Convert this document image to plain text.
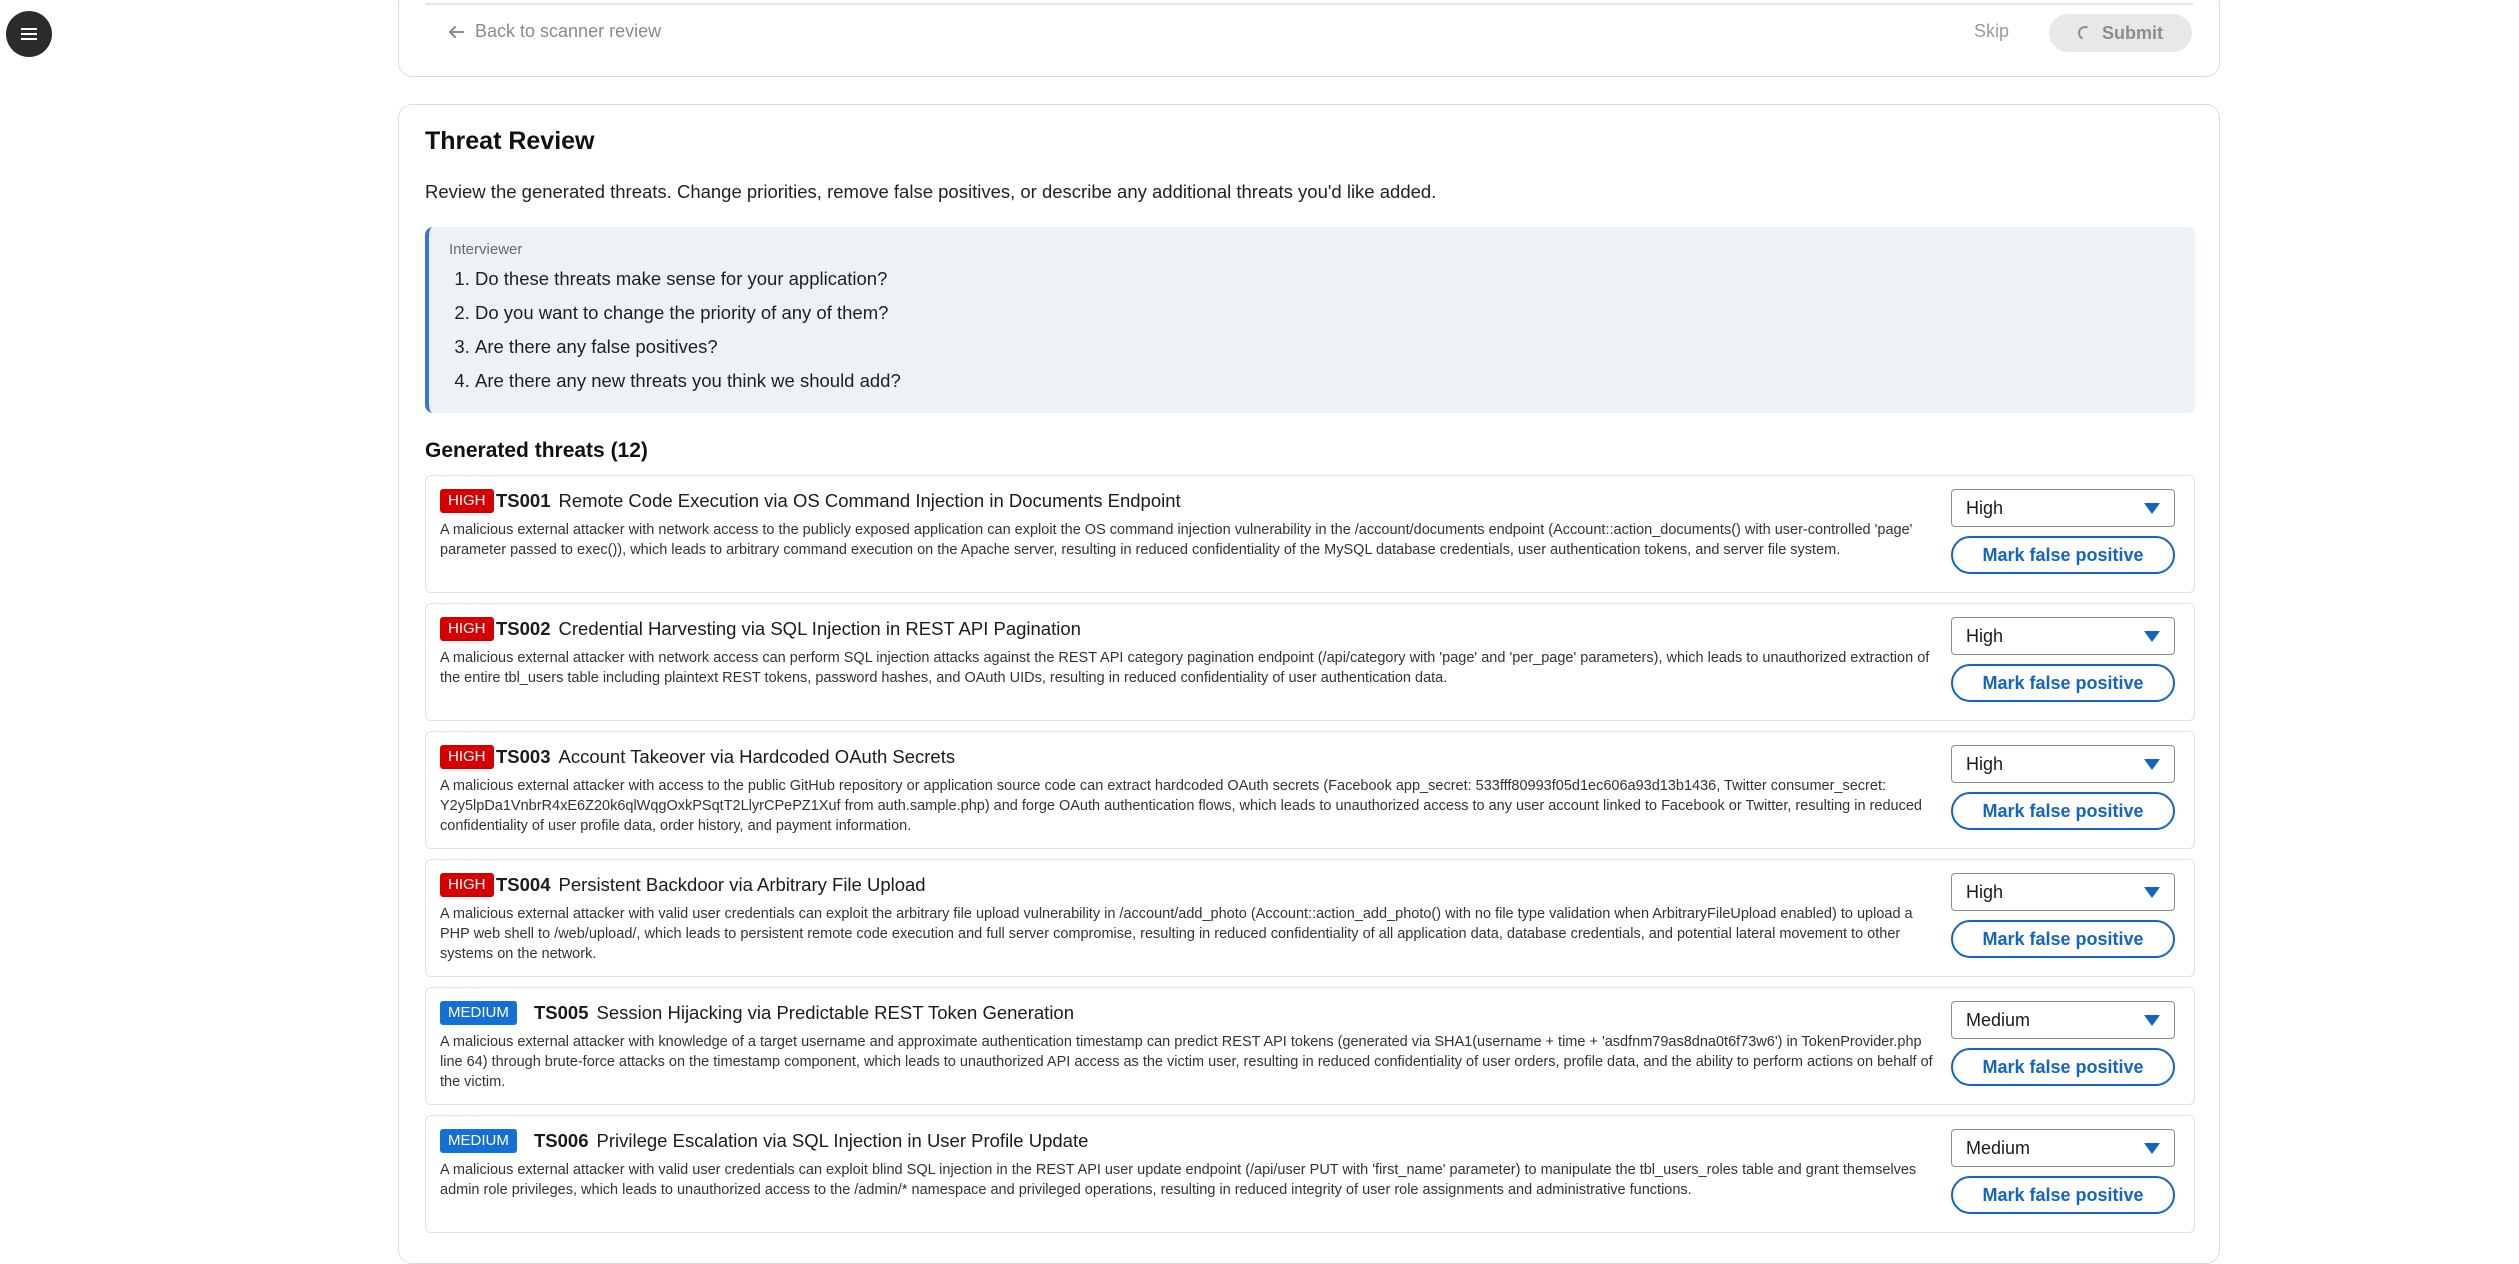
Back to scanner review	Skip	Submit
Threat Review
Review the generated threats. Change priorities, remove false positives, or describe any additional threats you'd like added.
Interviewer
1. Do these threats make sense for your application?
2. Do you want to change the priority of any of them?
3. Are there any false positives?
4. Are there any new threats you think we should add?
Generated threats (12)
HIGH TS001 Remote Code Execution via OS Command Injection in Documents Endpoint
A malicious external attacker with network access to the publicly exposed application can exploit the OS command injection vulnerability in the /account/documents endpoint (Account::action_documents() with user-controlled 'page' parameter passed to exec()), which leads to arbitrary command execution on the Apache server, resulting in reduced confidentiality of the MySQL database credentials, user authentication tokens, and server file system.
High
Mark false positive
HIGH TS002 Credential Harvesting via SQL Injection in REST API Pagination
A malicious external attacker with network access can perform SQL injection attacks against the REST API category pagination endpoint (/api/category with 'page' and 'per_page' parameters), which leads to unauthorized extraction of the entire tbl_users table including plaintext REST tokens, password hashes, and OAuth UIDs, resulting in reduced confidentiality of user authentication data.
High
Mark false positive
HIGH TS003 Account Takeover via Hardcoded OAuth Secrets
A malicious external attacker with access to the public GitHub repository or application source code can extract hardcoded OAuth secrets (Facebook app_secret: 533fff80993f05d1ec606a93d13b1436, Twitter consumer_secret: Y2y5lpDa1VnbrR4xE6Z20k6qlWqgOxkPSqtT2LlyrCPePZ1Xuf from auth.sample.php) and forge OAuth authentication flows, which leads to unauthorized access to any user account linked to Facebook or Twitter, resulting in reduced confidentiality of user profile data, order history, and payment information.
High
Mark false positive
HIGH TS004 Persistent Backdoor via Arbitrary File Upload
A malicious external attacker with valid user credentials can exploit the arbitrary file upload vulnerability in /account/add_photo (Account::action_add_photo() with no file type validation when ArbitraryFileUpload enabled) to upload a PHP web shell to /web/upload/, which leads to persistent remote code execution and full server compromise, resulting in reduced confidentiality of all application data, database credentials, and potential lateral movement to other systems on the network.
High
Mark false positive
MEDIUM	TS005 Session Hijacking via Predictable REST Token Generation
A malicious external attacker with knowledge of a target username and approximate authentication timestamp can predict REST API tokens (generated via SHA1(username + time + 'asdfnm79as8dna0t6f73w6') in TokenProvider.php line 64) through brute-force attacks on the timestamp component, which leads to unauthorized API access as the victim user, resulting in reduced confidentiality of user orders, profile data, and the ability to perform actions on behalf of the victim.
Medium
Mark false positive
MEDIUM	TS006 Privilege Escalation via SQL Injection in User Profile Update
A malicious external attacker with valid user credentials can exploit blind SQL injection in the REST API user update endpoint (/api/user PUT with 'first_name' parameter) to manipulate the tbl_users_roles table and grant themselves admin role privileges, which leads to unauthorized access to the /admin/* namespace and privileged operations, resulting in reduced integrity of user role assignments and administrative functions.
Medium
Mark false positive
